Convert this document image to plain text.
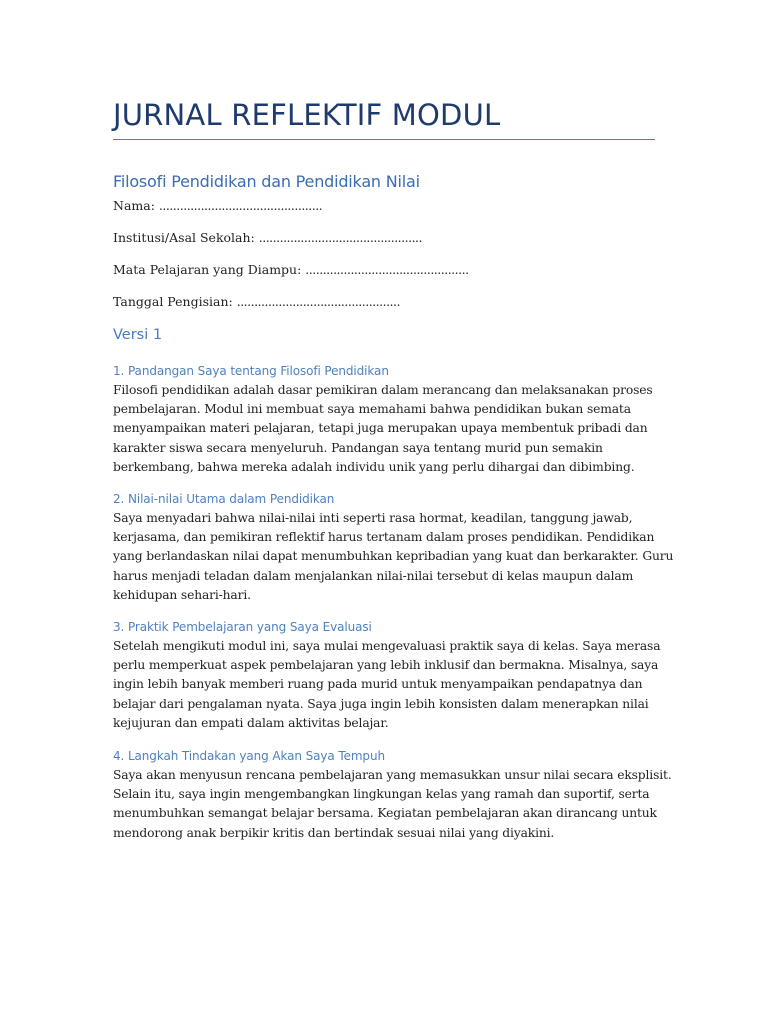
JURNAL REFLEKTIF MODUL
Filosofi Pendidikan dan Pendidikan Nilai
Nama: ...............................................
Institusi/Asal Sekolah: ...............................................
Mata Pelajaran yang Diampu: ...............................................
Tanggal Pengisian: ...............................................
Versi 1
1. Pandangan Saya tentang Filosofi Pendidikan
Filosofi pendidikan adalah dasar pemikiran dalam merancang dan melaksanakan proses
pembelajaran. Modul ini membuat saya memahami bahwa pendidikan bukan semata
menyampaikan materi pelajaran, tetapi juga merupakan upaya membentuk pribadi dan
karakter siswa secara menyeluruh. Pandangan saya tentang murid pun semakin
berkembang, bahwa mereka adalah individu unik yang perlu dihargai dan dibimbing.
2. Nilai-nilai Utama dalam Pendidikan
Saya menyadari bahwa nilai-nilai inti seperti rasa hormat, keadilan, tanggung jawab,
kerjasama, dan pemikiran reflektif harus tertanam dalam proses pendidikan. Pendidikan
yang berlandaskan nilai dapat menumbuhkan kepribadian yang kuat dan berkarakter. Guru
harus menjadi teladan dalam menjalankan nilai-nilai tersebut di kelas maupun dalam
kehidupan sehari-hari.
3. Praktik Pembelajaran yang Saya Evaluasi
Setelah mengikuti modul ini, saya mulai mengevaluasi praktik saya di kelas. Saya merasa
perlu memperkuat aspek pembelajaran yang lebih inklusif dan bermakna. Misalnya, saya
ingin lebih banyak memberi ruang pada murid untuk menyampaikan pendapatnya dan
belajar dari pengalaman nyata. Saya juga ingin lebih konsisten dalam menerapkan nilai
kejujuran dan empati dalam aktivitas belajar.
4. Langkah Tindakan yang Akan Saya Tempuh
Saya akan menyusun rencana pembelajaran yang memasukkan unsur nilai secara eksplisit.
Selain itu, saya ingin mengembangkan lingkungan kelas yang ramah dan suportif, serta
menumbuhkan semangat belajar bersama. Kegiatan pembelajaran akan dirancang untuk
mendorong anak berpikir kritis dan bertindak sesuai nilai yang diyakini.
